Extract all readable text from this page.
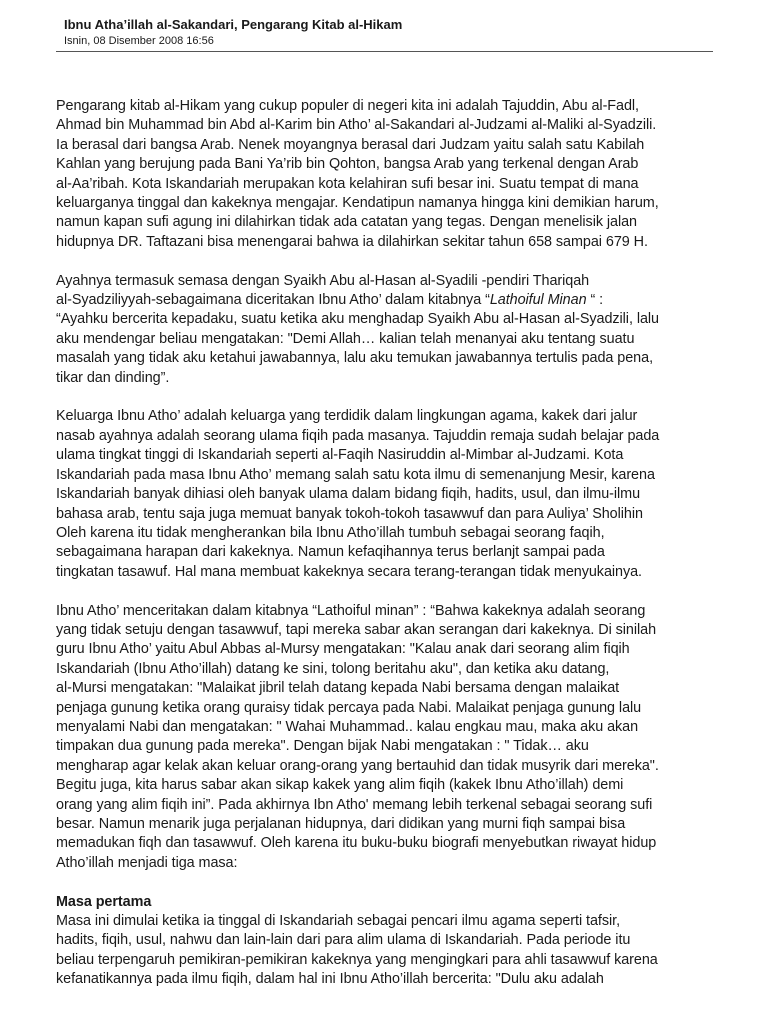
Ibnu Atha’illah al-Sakandari, Pengarang Kitab al-Hikam
Isnin, 08 Disember 2008 16:56
Pengarang kitab al-Hikam yang cukup populer di negeri kita ini adalah Tajuddin, Abu al-Fadl,
Ahmad bin Muhammad bin Abd al-Karim bin Atho’ al-Sakandari al-Judzami al-Maliki al-Syadzili.
Ia berasal dari bangsa Arab. Nenek moyangnya berasal dari Judzam yaitu salah satu Kabilah
Kahlan yang berujung pada Bani Ya’rib bin Qohton, bangsa Arab yang terkenal dengan Arab
al-Aa’ribah. Kota Iskandariah merupakan kota kelahiran sufi besar ini. Suatu tempat di mana
keluarganya tinggal dan kakeknya mengajar. Kendatipun namanya hingga kini demikian harum,
namun kapan sufi agung ini dilahirkan tidak ada catatan yang tegas. Dengan menelisik jalan
hidupnya DR. Taftazani bisa menengarai bahwa ia dilahirkan sekitar tahun 658 sampai 679 H.
Ayahnya termasuk semasa dengan Syaikh Abu al-Hasan al-Syadili -pendiri Thariqah
al-Syadziliyyah-sebagaimana diceritakan Ibnu Atho’ dalam kitabnya “Lathoiful Minan “ :
“Ayahku bercerita kepadaku, suatu ketika aku menghadap Syaikh Abu al-Hasan al-Syadzili, lalu
aku mendengar beliau mengatakan: "Demi Allah… kalian telah menanyai aku tentang suatu
masalah yang tidak aku ketahui jawabannya, lalu aku temukan jawabannya tertulis pada pena,
tikar dan dinding”.
Keluarga Ibnu Atho’ adalah keluarga yang terdidik dalam lingkungan agama, kakek dari jalur
nasab ayahnya adalah seorang ulama fiqih pada masanya. Tajuddin remaja sudah belajar pada
ulama tingkat tinggi di Iskandariah seperti al-Faqih Nasiruddin al-Mimbar al-Judzami. Kota
Iskandariah pada masa Ibnu Atho’ memang salah satu kota ilmu di semenanjung Mesir, karena
Iskandariah banyak dihiasi oleh banyak ulama dalam bidang fiqih, hadits, usul, dan ilmu-ilmu
bahasa arab, tentu saja juga memuat banyak tokoh-tokoh tasawwuf dan para Auliya’ Sholihin
Oleh karena itu tidak mengherankan bila Ibnu Atho’illah tumbuh sebagai seorang faqih,
sebagaimana harapan dari kakeknya. Namun kefaqihannya terus berlanjt sampai pada
tingkatan tasawuf. Hal mana membuat kakeknya secara terang-terangan tidak menyukainya.
Ibnu Atho’ menceritakan dalam kitabnya “Lathoiful minan” : “Bahwa kakeknya adalah seorang
yang tidak setuju dengan tasawwuf, tapi mereka sabar akan serangan dari kakeknya. Di sinilah
guru Ibnu Atho’ yaitu Abul Abbas al-Mursy mengatakan: "Kalau anak dari seorang alim fiqih
Iskandariah (Ibnu Atho’illah) datang ke sini, tolong beritahu aku", dan ketika aku datang,
al-Mursi mengatakan: "Malaikat jibril telah datang kepada Nabi bersama dengan malaikat
penjaga gunung ketika orang quraisy tidak percaya pada Nabi. Malaikat penjaga gunung lalu
menyalami Nabi dan mengatakan: " Wahai Muhammad.. kalau engkau mau, maka aku akan
timpakan dua gunung pada mereka". Dengan bijak Nabi mengatakan : " Tidak… aku
mengharap agar kelak akan keluar orang-orang yang bertauhid dan tidak musyrik dari mereka".
Begitu juga, kita harus sabar akan sikap kakek yang alim fiqih (kakek Ibnu Atho’illah) demi
orang yang alim fiqih ini”. Pada akhirnya Ibn Atho' memang lebih terkenal sebagai seorang sufi
besar. Namun menarik juga perjalanan hidupnya, dari didikan yang murni fiqh sampai bisa
memadukan fiqh dan tasawwuf. Oleh karena itu buku-buku biografi menyebutkan riwayat hidup
Atho’illah menjadi tiga masa:
Masa pertama
Masa ini dimulai ketika ia tinggal di Iskandariah sebagai pencari ilmu agama seperti tafsir,
hadits, fiqih, usul, nahwu dan lain-lain dari para alim ulama di Iskandariah. Pada periode itu
beliau terpengaruh pemikiran-pemikiran kakeknya yang mengingkari para ahli tasawwuf karena
kefanatikannya pada ilmu fiqih, dalam hal ini Ibnu Atho’illah bercerita: "Dulu aku adalah
